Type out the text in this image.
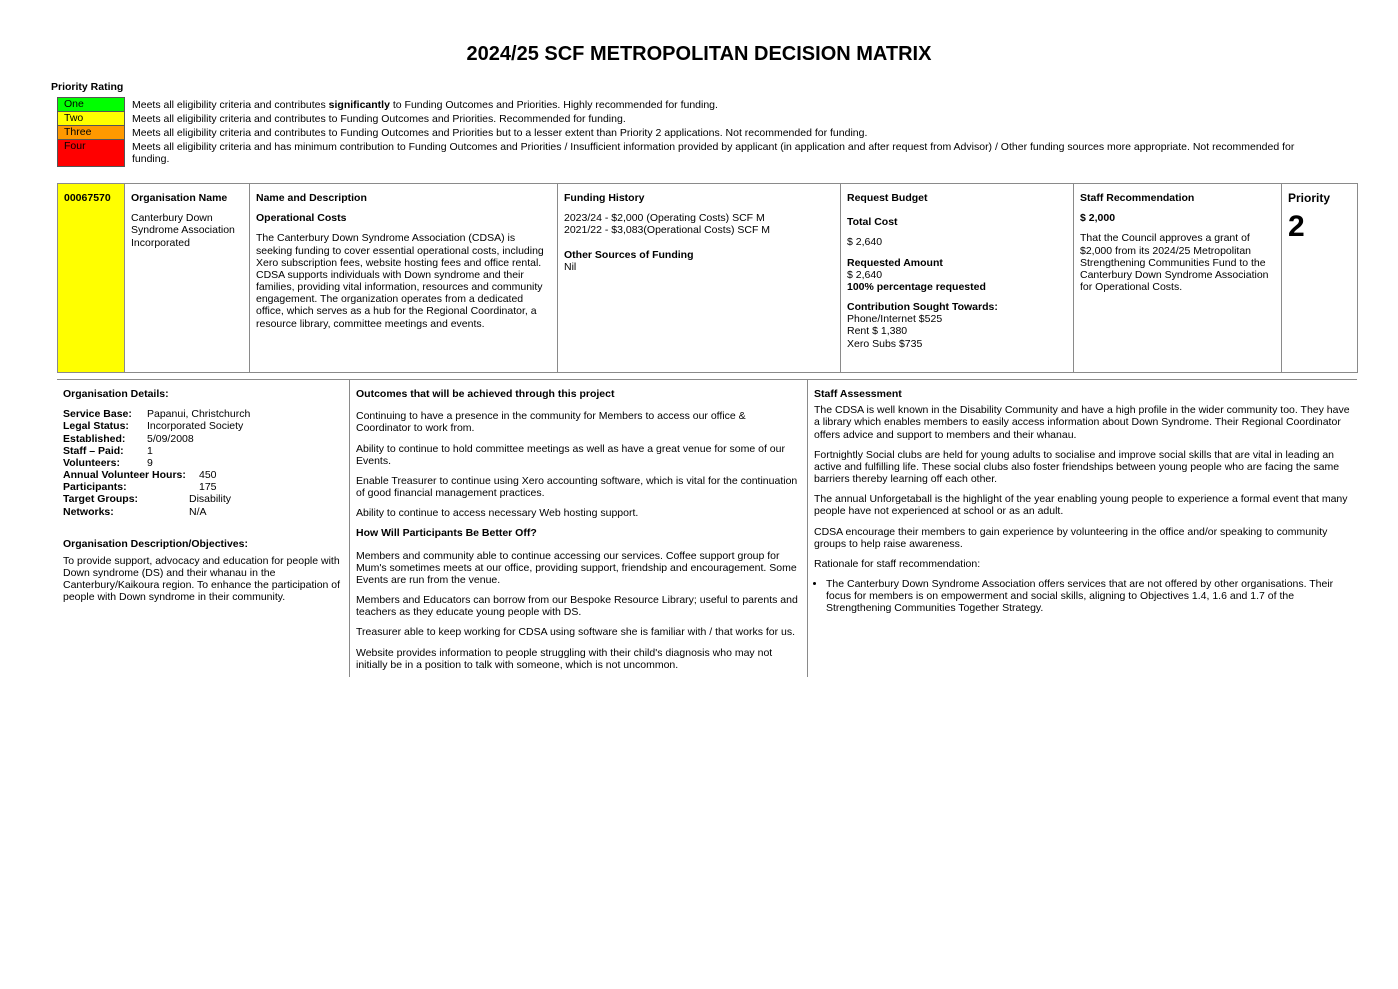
2024/25 SCF METROPOLITAN DECISION MATRIX
Priority Rating
One	Meets all eligibility criteria and contributes significantly to Funding Outcomes and Priorities. Highly recommended for funding.
Two	Meets all eligibility criteria and contributes to Funding Outcomes and Priorities. Recommended for funding.
Three	Meets all eligibility criteria and contributes to Funding Outcomes and Priorities but to a lesser extent than Priority 2 applications. Not recommended for funding.
Four	Meets all eligibility criteria and has minimum contribution to Funding Outcomes and Priorities / Insufficient information provided by applicant (in application and after request from Advisor) / Other funding sources more appropriate. Not recommended for funding.
00067570	Organisation Name
Canterbury Down Syndrome Association Incorporated

Name and Description
Operational Costs
The Canterbury Down Syndrome Association (CDSA) is seeking funding to cover essential operational costs, including Xero subscription fees, website hosting fees and office rental. CDSA supports individuals with Down syndrome and their families, providing vital information, resources and community engagement. The organization operates from a dedicated office, which serves as a hub for the Regional Coordinator, a resource library, committee meetings and events.

Funding History
2023/24 - $2,000 (Operating Costs) SCF M
2021/22 - $3,083(Operational Costs) SCF M
Other Sources of Funding
Nil

Request Budget
Total Cost
$ 2,640
Requested Amount
$ 2,640
100% percentage requested
Contribution Sought Towards:
Phone/Internet $525
Rent $ 1,380
Xero Subs $735

Staff Recommendation
$ 2,000
That the Council approves a grant of $2,000 from its 2024/25 Metropolitan Strengthening Communities Fund to the Canterbury Down Syndrome Association for Operational Costs.

Priority
2
Organisation Details:
Service Base:	Papanui, Christchurch
Legal Status:	Incorporated Society
Established:	5/09/2008
Staff – Paid:	1
Volunteers:	9
Annual Volunteer Hours:	450
Participants:	175
Target Groups:	Disability
Networks:	N/A
Organisation Description/Objectives:
To provide support, advocacy and education for people with Down syndrome (DS) and their whanau in the Canterbury/Kaikoura region. To enhance the participation of people with Down syndrome in their community.
Outcomes that will be achieved through this project
Continuing to have a presence in the community for Members to access our office & Coordinator to work from.
Ability to continue to hold committee meetings as well as have a great venue for some of our Events.
Enable Treasurer to continue using Xero accounting software, which is vital for the continuation of good financial management practices.
Ability to continue to access necessary Web hosting support.
How Will Participants Be Better Off?
Members and community able to continue accessing our services. Coffee support group for Mum's sometimes meets at our office, providing support, friendship and encouragement. Some Events are run from the venue.
Members and Educators can borrow from our Bespoke Resource Library; useful to parents and teachers as they educate young people with DS.
Treasurer able to keep working for CDSA using software she is familiar with / that works for us.
Website provides information to people struggling with their child's diagnosis who may not initially be in a position to talk with someone, which is not uncommon.
Staff Assessment
The CDSA is well known in the Disability Community and have a high profile in the wider community too. They have a library which enables members to easily access information about Down Syndrome. Their Regional Coordinator offers advice and support to members and their whanau.
Fortnightly Social clubs are held for young adults to socialise and improve social skills that are vital in leading an active and fulfilling life. These social clubs also foster friendships between young people who are facing the same barriers thereby learning off each other.
The annual Unforgetaball is the highlight of the year enabling young people to experience a formal event that many people have not experienced at school or as an adult.
CDSA encourage their members to gain experience by volunteering in the office and/or speaking to community groups to help raise awareness.
Rationale for staff recommendation:
• The Canterbury Down Syndrome Association offers services that are not offered by other organisations. Their focus for members is on empowerment and social skills, aligning to Objectives 1.4, 1.6 and 1.7 of the Strengthening Communities Together Strategy.
